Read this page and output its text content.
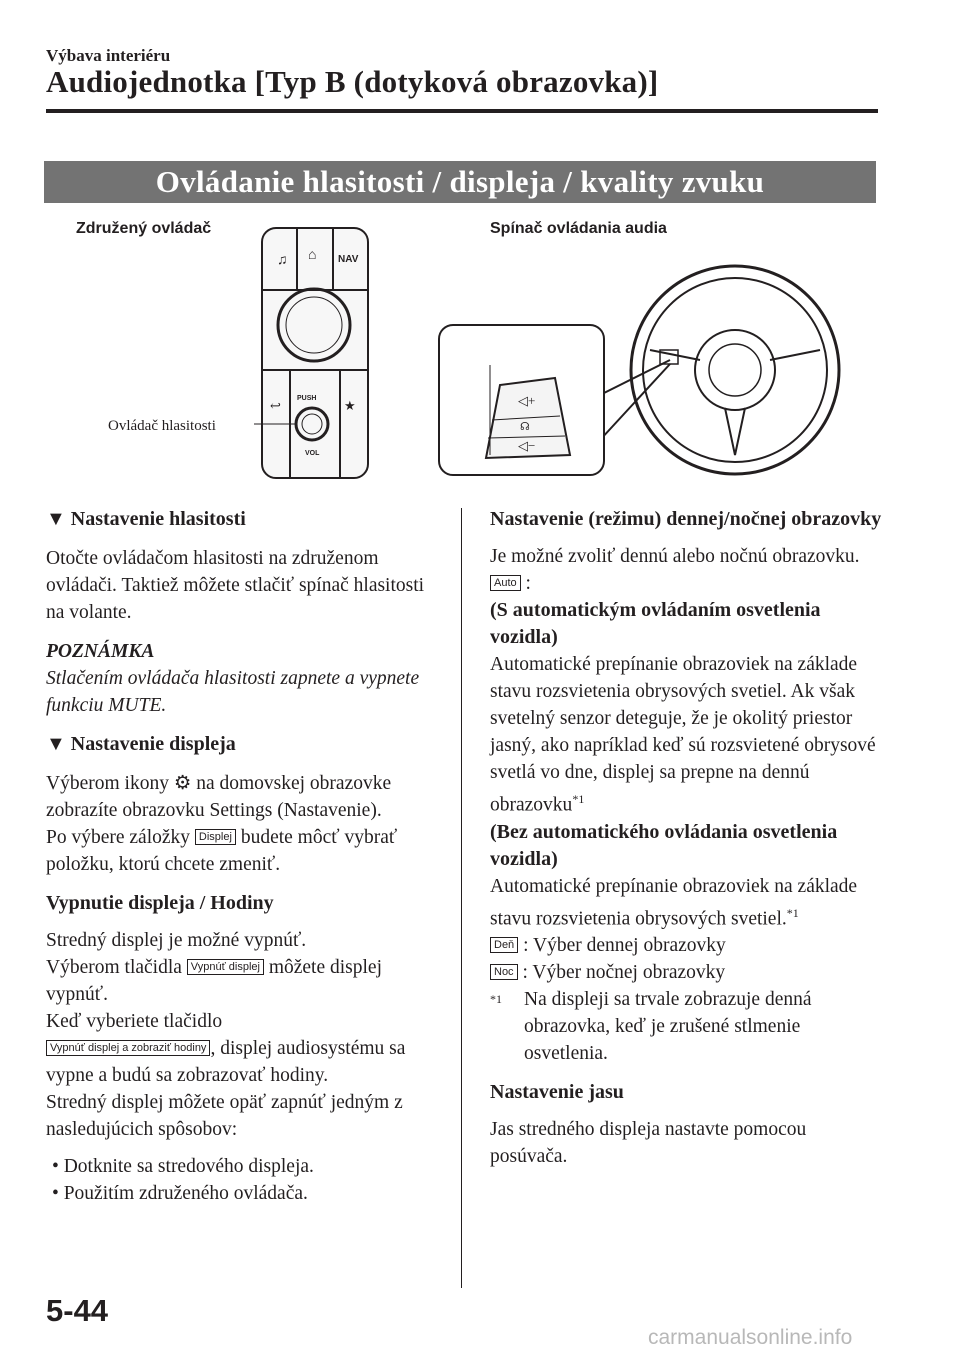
Výbava interiéru
Audiojednotka [Typ B (dotyková obrazovka)]
Ovládanie hlasitosti / displeja / kvality zvuku
Združený ovládač	Spínač ovládania audia
Ovládač hlasitosti
♫ ⌂ NAV
PUSH
VOL
↩	★	◁+
☊
◁−

▼ Nastavenie hlasitosti

Otočte ovládačom hlasitosti na združenom ovládači. Taktiež môžete stlačiť spínač hlasitosti na volante.

POZNÁMKA

Stlačením ovládača hlasitosti zapnete a vypnete funkciu MUTE.

▼ Nastavenie displeja

Výberom ikony ⚙ na domovskej obrazovke zobrazíte obrazovku Settings (Nastavenie).

Po výbere záložky Displej budete môcť vybrať položku, ktorú chcete zmeniť.

Vypnutie displeja / Hodiny

Stredný displej je možné vypnúť.

Výberom tlačidla Vypnúť displej môžete displej vypnúť.

Keď vyberiete tlačidlo

Vypnúť displej a zobraziť hodiny , displej audiosystému sa vypne a budú sa zobrazovať hodiny.

Stredný displej môžete opäť zapnúť jedným z nasledujúcich spôsobov:

• Dotknite sa stredového displeja.

• Použitím združeného ovládača.

Nastavenie (režimu) dennej/nočnej obrazovky

Je možné zvoliť dennú alebo nočnú obrazovku.

Auto :

(S automatickým ovládaním osvetlenia vozidla)

Automatické prepínanie obrazoviek na základe stavu rozsvietenia obrysových svetiel. Ak však svetelný senzor deteguje, že je okolitý priestor jasný, ako napríklad keď sú rozsvietené obrysové svetlá vo dne, displej sa prepne na dennú obrazovku$^{*1}$

(Bez automatického ovládania osvetlenia vozidla)

Automatické prepínanie obrazoviek na základe stavu rozsvietenia obrysových svetiel.$^{*1}$

Deň : Výber dennej obrazovky

Noc : Výber nočnej obrazovky

$^{*1}$	Na displeji sa trvale zobrazuje denná obrazovka, keď je zrušené stlmenie osvetlenia.

Nastavenie jasu

Jas stredného displeja nastavte pomocou posúvača.

5-44
carmanualsonline.info
